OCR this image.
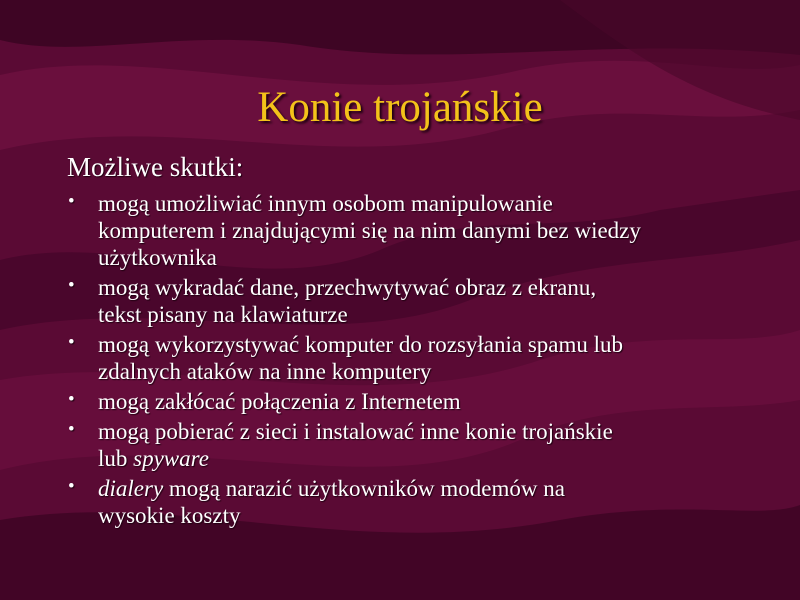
Konie trojańskie
Możliwe skutki:
• mogą umożliwiać innym osobom manipulowanie
komputerem i znajdującymi się na nim danymi bez wiedzy
użytkownika
• mogą wykradać dane, przechwytywać obraz z ekranu,
tekst pisany na klawiaturze
• mogą wykorzystywać komputer do rozsyłania spamu lub
zdalnych ataków na inne komputery
• mogą zakłócać połączenia z Internetem
• mogą pobierać z sieci i instalować inne konie trojańskie
lub spyware
• dialery mogą narazić użytkowników modemów na
wysokie koszty
